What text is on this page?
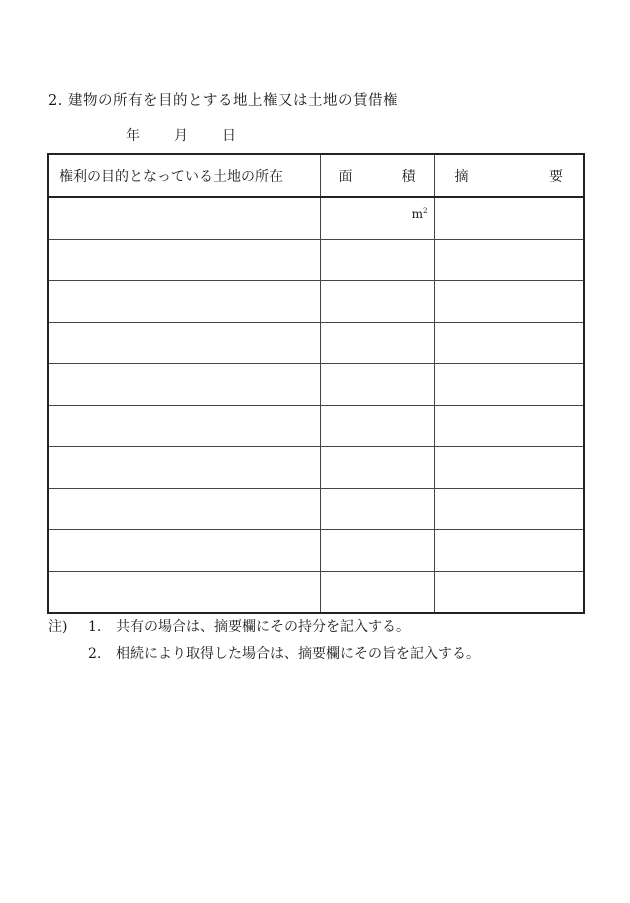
2. 建物の所有を目的とする地上権又は土地の賃借権
年 月 日
権利の目的となっている土地の所在	面 積	摘 要

	$m^2$

注) 1. 共有の場合は、摘要欄にその持分を記入する。
2. 相続により取得した場合は、摘要欄にその旨を記入する。
